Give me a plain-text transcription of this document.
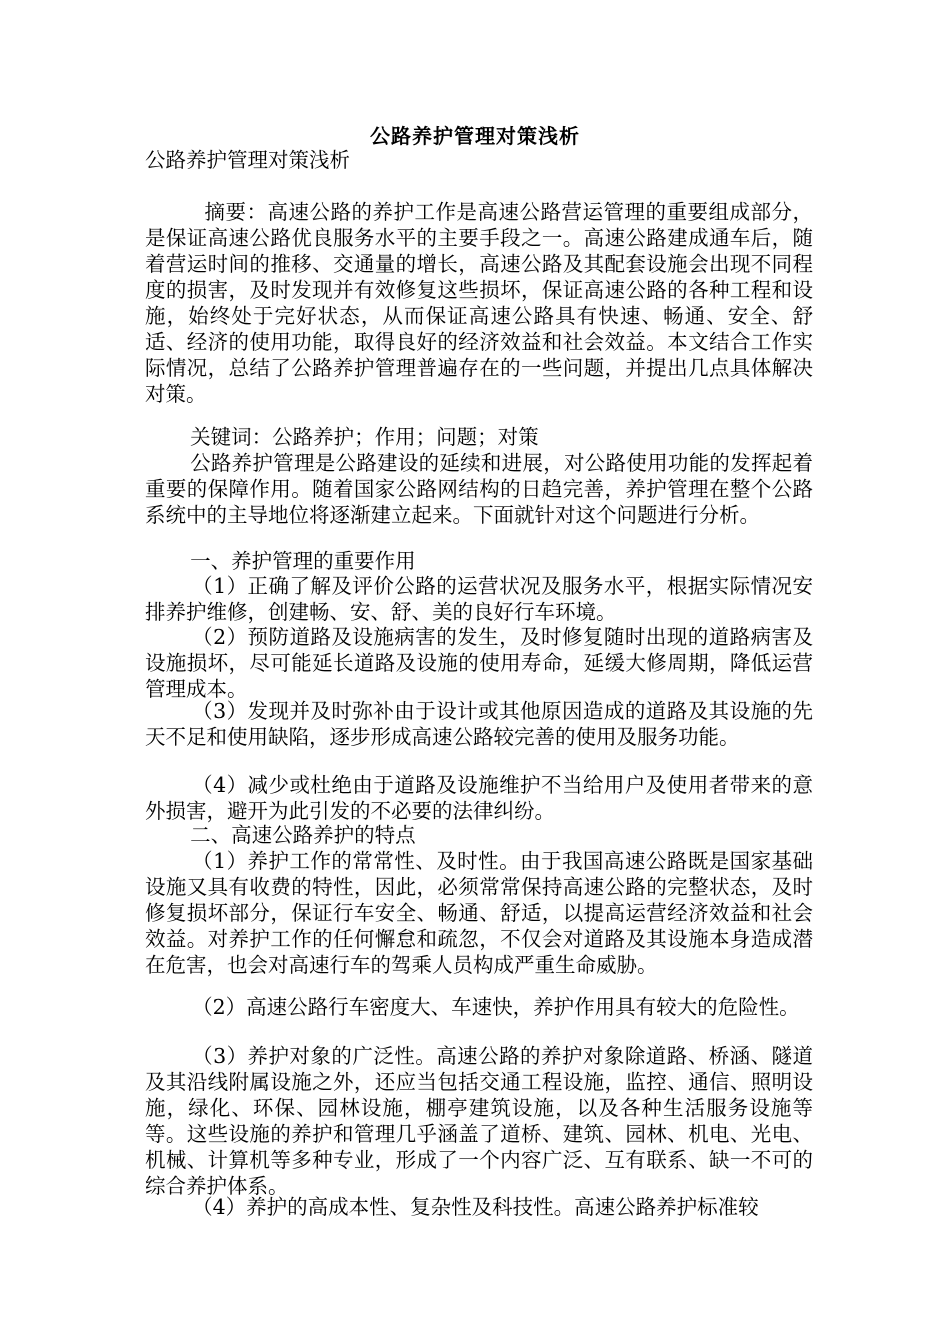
公路养护管理对策浅析

公路养护管理对策浅析

摘要：高速公路的养护工作是高速公路营运管理的重要组成部分，是保证高速公路优良服务水平的主要手段之一。高速公路建成通车后，随着营运时间的推移、交通量的增长，高速公路及其配套设施会出现不同程度的损害，及时发现并有效修复这些损坏，保证高速公路的各种工程和设施，始终处于完好状态，从而保证高速公路具有快速、畅通、安全、舒适、经济的使用功能，取得良好的经济效益和社会效益。本文结合工作实际情况，总结了公路养护管理普遍存在的一些问题，并提出几点具体解决对策。

关键词：公路养护；作用；问题；对策

公路养护管理是公路建设的延续和进展，对公路使用功能的发挥起着重要的保障作用。随着国家公路网结构的日趋完善，养护管理在整个公路系统中的主导地位将逐渐建立起来。下面就针对这个问题进行分析。

一、养护管理的重要作用

（1）正确了解及评价公路的运营状况及服务水平，根据实际情况安排养护维修，创建畅、安、舒、美的良好行车环境。

（2）预防道路及设施病害的发生，及时修复随时出现的道路病害及设施损坏，尽可能延长道路及设施的使用寿命，延缓大修周期，降低运营管理成本。

（3）发现并及时弥补由于设计或其他原因造成的道路及其设施的先天不足和使用缺陷，逐步形成高速公路较完善的使用及服务功能。

（4）减少或杜绝由于道路及设施维护不当给用户及使用者带来的意外损害，避开为此引发的不必要的法律纠纷。

二、高速公路养护的特点

（1）养护工作的常常性、及时性。由于我国高速公路既是国家基础设施又具有收费的特性，因此，必须常常保持高速公路的完整状态，及时修复损坏部分，保证行车安全、畅通、舒适，以提高运营经济效益和社会效益。对养护工作的任何懈怠和疏忽，不仅会对道路及其设施本身造成潜在危害，也会对高速行车的驾乘人员构成严重生命威胁。

（2）高速公路行车密度大、车速快，养护作用具有较大的危险性。

（3）养护对象的广泛性。高速公路的养护对象除道路、桥涵、隧道及其沿线附属设施之外，还应当包括交通工程设施，监控、通信、照明设施，绿化、环保、园林设施，棚亭建筑设施，以及各种生活服务设施等等。这些设施的养护和管理几乎涵盖了道桥、建筑、园林、机电、光电、机械、计算机等多种专业，形成了一个内容广泛、互有联系、缺一不可的综合养护体系。

（4）养护的高成本性、复杂性及科技性。高速公路养护标准较
